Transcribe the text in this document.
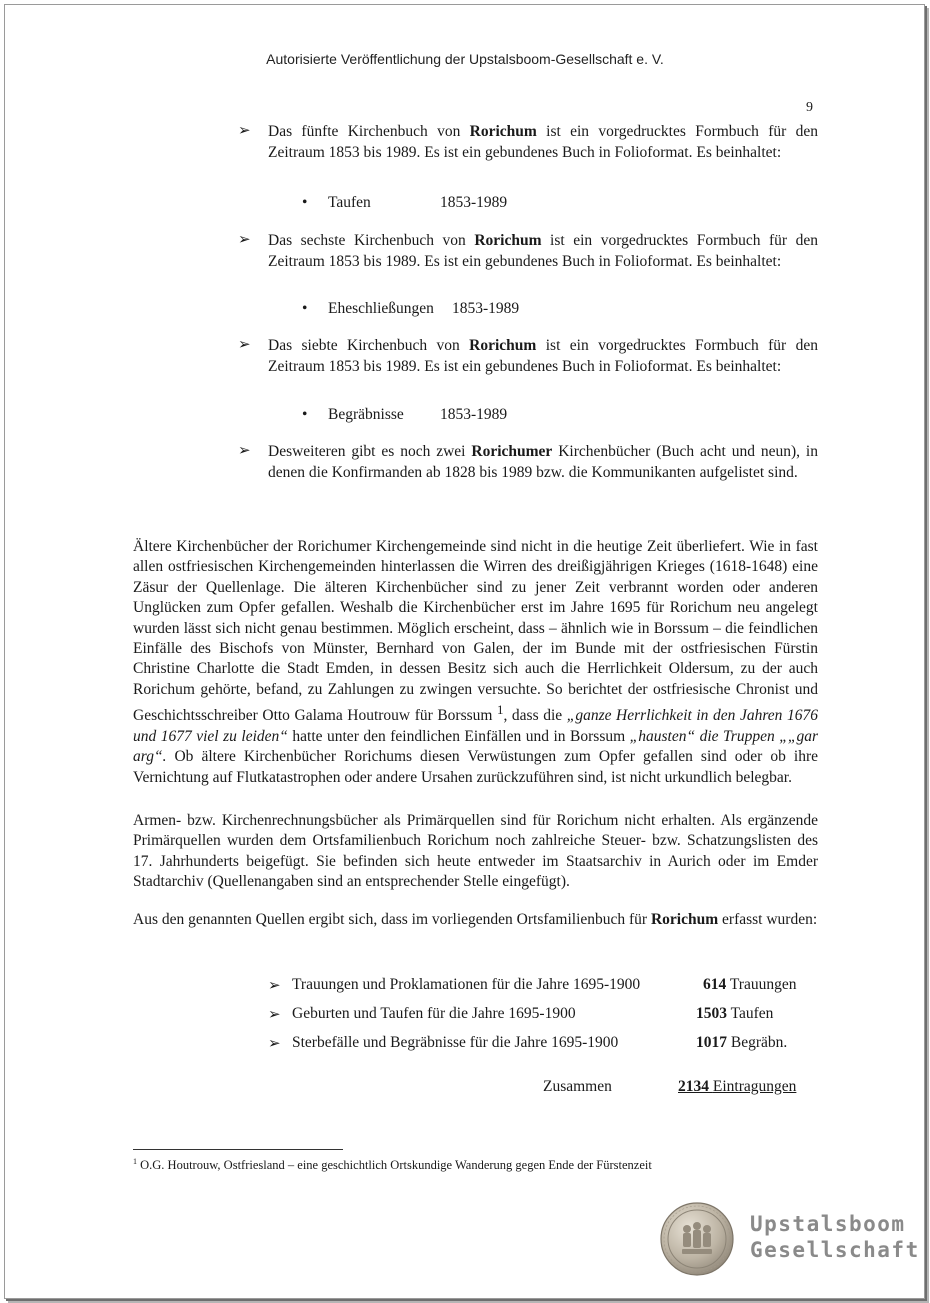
Autorisierte Veröffentlichung der Upstalsboom-Gesellschaft e. V.
9
➢ Das fünfte Kirchenbuch von Rorichum ist ein vorgedrucktes Formbuch für den Zeitraum 1853 bis 1989. Es ist ein gebundenes Buch in Folioformat. Es beinhaltet:
• Taufen	1853-1989
➢ Das sechste Kirchenbuch von Rorichum ist ein vorgedrucktes Formbuch für den Zeitraum 1853 bis 1989. Es ist ein gebundenes Buch in Folioformat. Es beinhaltet:
• Eheschließungen 1853-1989
➢ Das siebte Kirchenbuch von Rorichum ist ein vorgedrucktes Formbuch für den Zeitraum 1853 bis 1989. Es ist ein gebundenes Buch in Folioformat. Es beinhaltet:
• Begräbnisse 1853-1989
➢ Desweiteren gibt es noch zwei Rorichumer Kirchenbücher (Buch acht und neun), in denen die Konfirmanden ab 1828 bis 1989 bzw. die Kommunikanten aufgelistet sind.
Ältere Kirchenbücher der Rorichumer Kirchengemeinde sind nicht in die heutige Zeit überliefert. Wie in fast allen ostfriesischen Kirchengemeinden hinterlassen die Wirren des dreißigjährigen Krieges (1618-1648) eine Zäsur der Quellenlage. Die älteren Kirchenbücher sind zu jener Zeit verbrannt worden oder anderen Unglücken zum Opfer gefallen. Weshalb die Kirchenbücher erst im Jahre 1695 für Rorichum neu angelegt wurden lässt sich nicht genau bestimmen. Möglich erscheint, dass – ähnlich wie in Borssum – die feindlichen Einfälle des Bischofs von Münster, Bernhard von Galen, der im Bunde mit der ostfriesischen Fürstin Christine Charlotte die Stadt Emden, in dessen Besitz sich auch die Herrlichkeit Oldersum, zu der auch Rorichum gehörte, befand, zu Zahlungen zu zwingen versuchte. So berichtet der ostfriesische Chronist und Geschichtsschreiber Otto Galama Houtrouw für Borssum $^1$, dass die „ganze Herrlichkeit in den Jahren 1676 und 1677 viel zu leiden“ hatte unter den feindlichen Einfällen und in Borssum „hausten“ die Truppen „„gar arg“. Ob ältere Kirchenbücher Rorichums diesen Verwüstungen zum Opfer gefallen sind oder ob ihre Vernichtung auf Flutkatastrophen oder andere Ursahen zurückzuführen sind, ist nicht urkundlich belegbar.
Armen- bzw. Kirchenrechnungsbücher als Primärquellen sind für Rorichum nicht erhalten. Als ergänzende Primärquellen wurden dem Ortsfamilienbuch Rorichum noch zahlreiche Steuer- bzw. Schatzungslisten des 17. Jahrhunderts beigefügt. Sie befinden sich heute entweder im Staatsarchiv in Aurich oder im Emder Stadtarchiv (Quellenangaben sind an entsprechender Stelle eingefügt).
Aus den genannten Quellen ergibt sich, dass im vorliegenden Ortsfamilienbuch für Rorichum erfasst wurden:
➢ Trauungen und Proklamationen für die Jahre 1695-1900	614 Trauungen
➢ Geburten und Taufen für die Jahre 1695-1900	1503 Taufen
➢ Sterbefälle und Begräbnisse für die Jahre 1695-1900	1017 Begräbn.
Zusammen	2134 Eintragungen
$^1$ O.G. Houtrouw, Ostfriesland – eine geschichtlich Ortskundige Wanderung gegen Ende der Fürstenzeit
Upstalsboom
Gesellschaft
